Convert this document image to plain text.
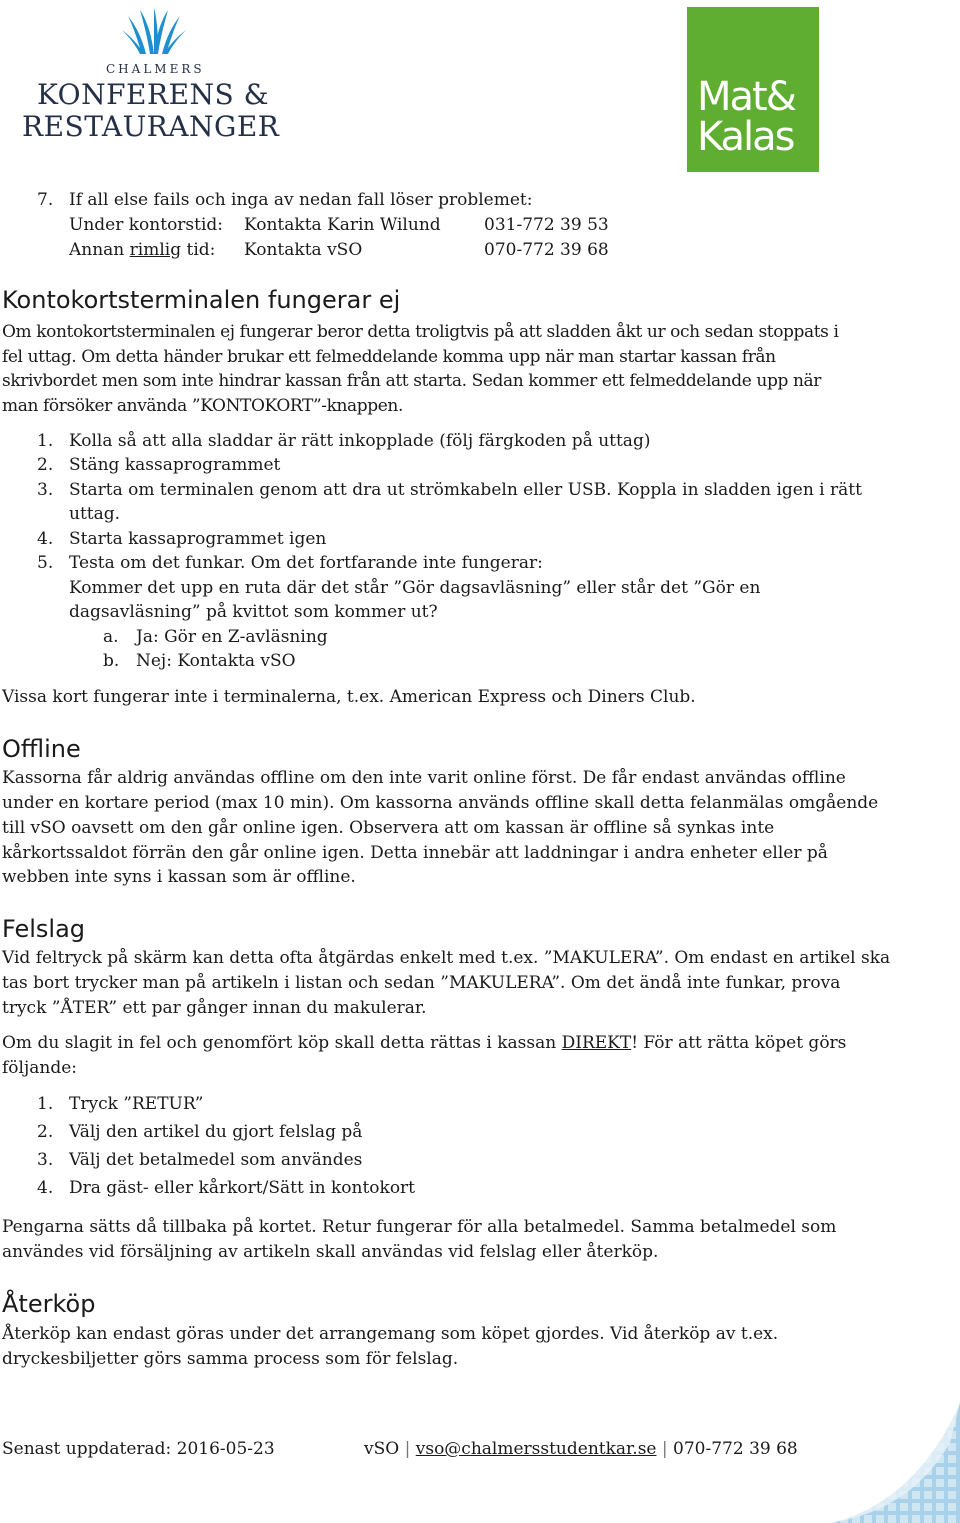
CHALMERS
KONFERENS &
RESTAURANGER
Mat&
Kalas
7. If all else fails och inga av nedan fall löser problemet:
Under kontorstid: Kontakta Karin Wilund	031-772 39 53
Annan rimlig tid: Kontakta vSO	070-772 39 68
Kontokortsterminalen fungerar ej
Om kontokortsterminalen ej fungerar beror detta troligtvis på att sladden åkt ur och sedan stoppats i
fel uttag. Om detta händer brukar ett felmeddelande komma upp när man startar kassan från
skrivbordet men som inte hindrar kassan från att starta. Sedan kommer ett felmeddelande upp när
man försöker använda ”KONTOKORT”-knappen.
1. Kolla så att alla sladdar är rätt inkopplade (följ färgkoden på uttag)
2. Stäng kassaprogrammet
3. Starta om terminalen genom att dra ut strömkabeln eller USB. Koppla in sladden igen i rätt
uttag.
4. Starta kassaprogrammet igen
5. Testa om det funkar. Om det fortfarande inte fungerar:
Kommer det upp en ruta där det står ”Gör dagsavläsning” eller står det ”Gör en
dagsavläsning” på kvittot som kommer ut?
a. Ja: Gör en Z-avläsning
b. Nej: Kontakta vSO
Vissa kort fungerar inte i terminalerna, t.ex. American Express och Diners Club.
Offline
Kassorna får aldrig användas offline om den inte varit online först. De får endast användas offline
under en kortare period (max 10 min). Om kassorna används offline skall detta felanmälas omgående
till vSO oavsett om den går online igen. Observera att om kassan är offline så synkas inte
kårkortssaldot förrän den går online igen. Detta innebär att laddningar i andra enheter eller på
webben inte syns i kassan som är offline.
Felslag
Vid feltryck på skärm kan detta ofta åtgärdas enkelt med t.ex. ”MAKULERA”. Om endast en artikel ska
tas bort trycker man på artikeln i listan och sedan ”MAKULERA”. Om det ändå inte funkar, prova
tryck ”ÅTER” ett par gånger innan du makulerar.
Om du slagit in fel och genomfört köp skall detta rättas i kassan DIREKT! För att rätta köpet görs
följande:
1. Tryck ”RETUR”
2. Välj den artikel du gjort felslag på
3. Välj det betalmedel som användes
4. Dra gäst- eller kårkort/Sätt in kontokort
Pengarna sätts då tillbaka på kortet. Retur fungerar för alla betalmedel. Samma betalmedel som
användes vid försäljning av artikeln skall användas vid felslag eller återköp.
Återköp
Återköp kan endast göras under det arrangemang som köpet gjordes. Vid återköp av t.ex.
dryckesbiljetter görs samma process som för felslag.
Senast uppdaterad: 2016-05-23	vSO | vso@chalmersstudentkar.se | 070-772 39 68
